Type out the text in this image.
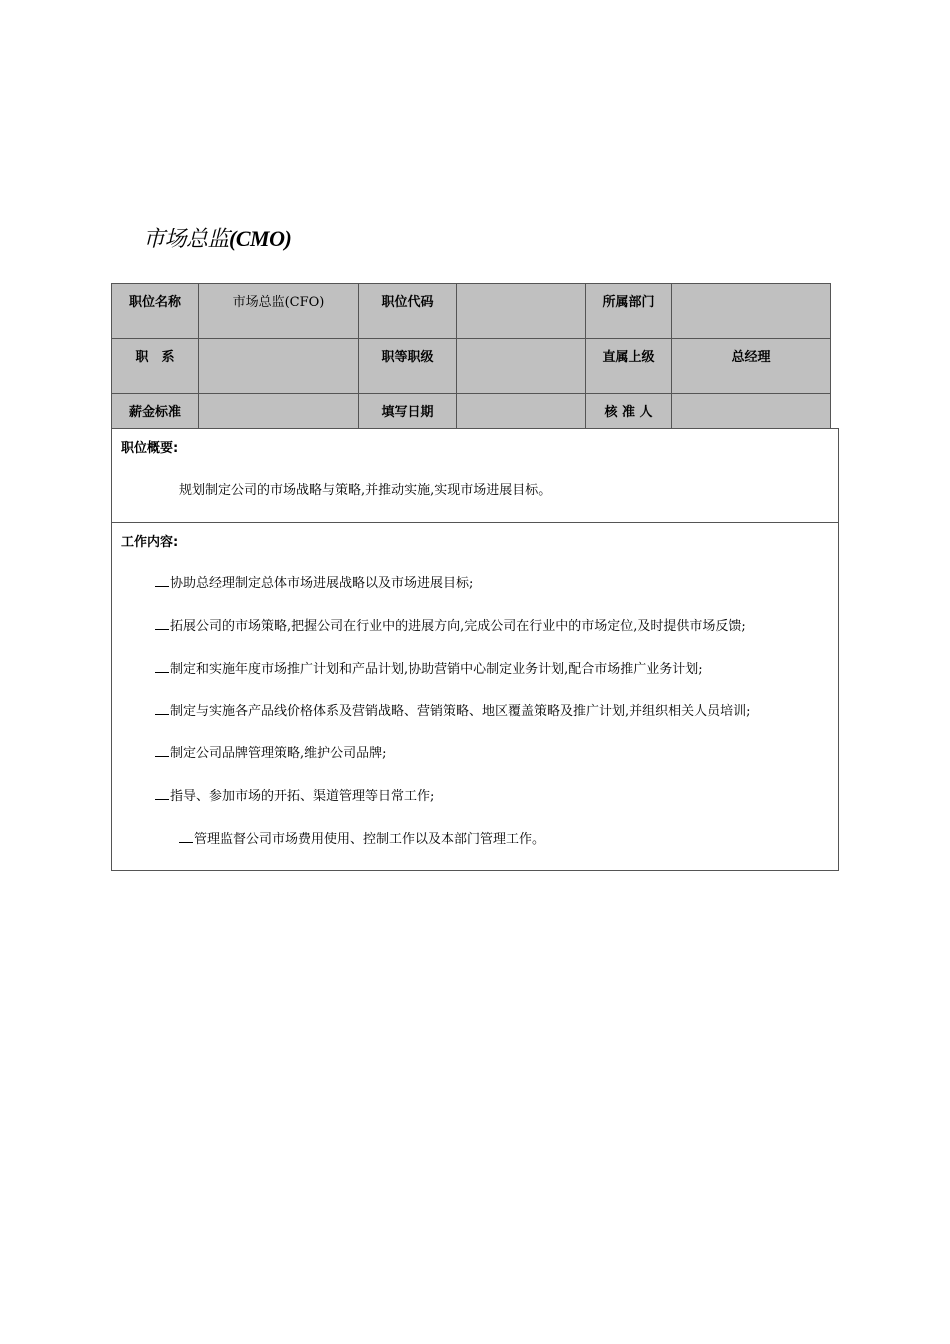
市场总监(CMO)
职位名称	市场总监(CFO)	职位代码		所属部门	
职　系		职等职级		直属上级	总经理
薪金标准		填写日期		核 准 人	
职位概要:
规划制定公司的市场战略与策略,并推动实施,实现市场进展目标。
工作内容:
协助总经理制定总体市场进展战略以及市场进展目标;
拓展公司的市场策略,把握公司在行业中的进展方向,完成公司在行业中的市场定位,及时提供市场反馈;
制定和实施年度市场推广计划和产品计划,协助营销中心制定业务计划,配合市场推广业务计划;
制定与实施各产品线价格体系及营销战略、营销策略、地区覆盖策略及推广计划,并组织相关人员培训;
制定公司品牌管理策略,维护公司品牌;
指导、参加市场的开拓、渠道管理等日常工作;
管理监督公司市场费用使用、控制工作以及本部门管理工作。
